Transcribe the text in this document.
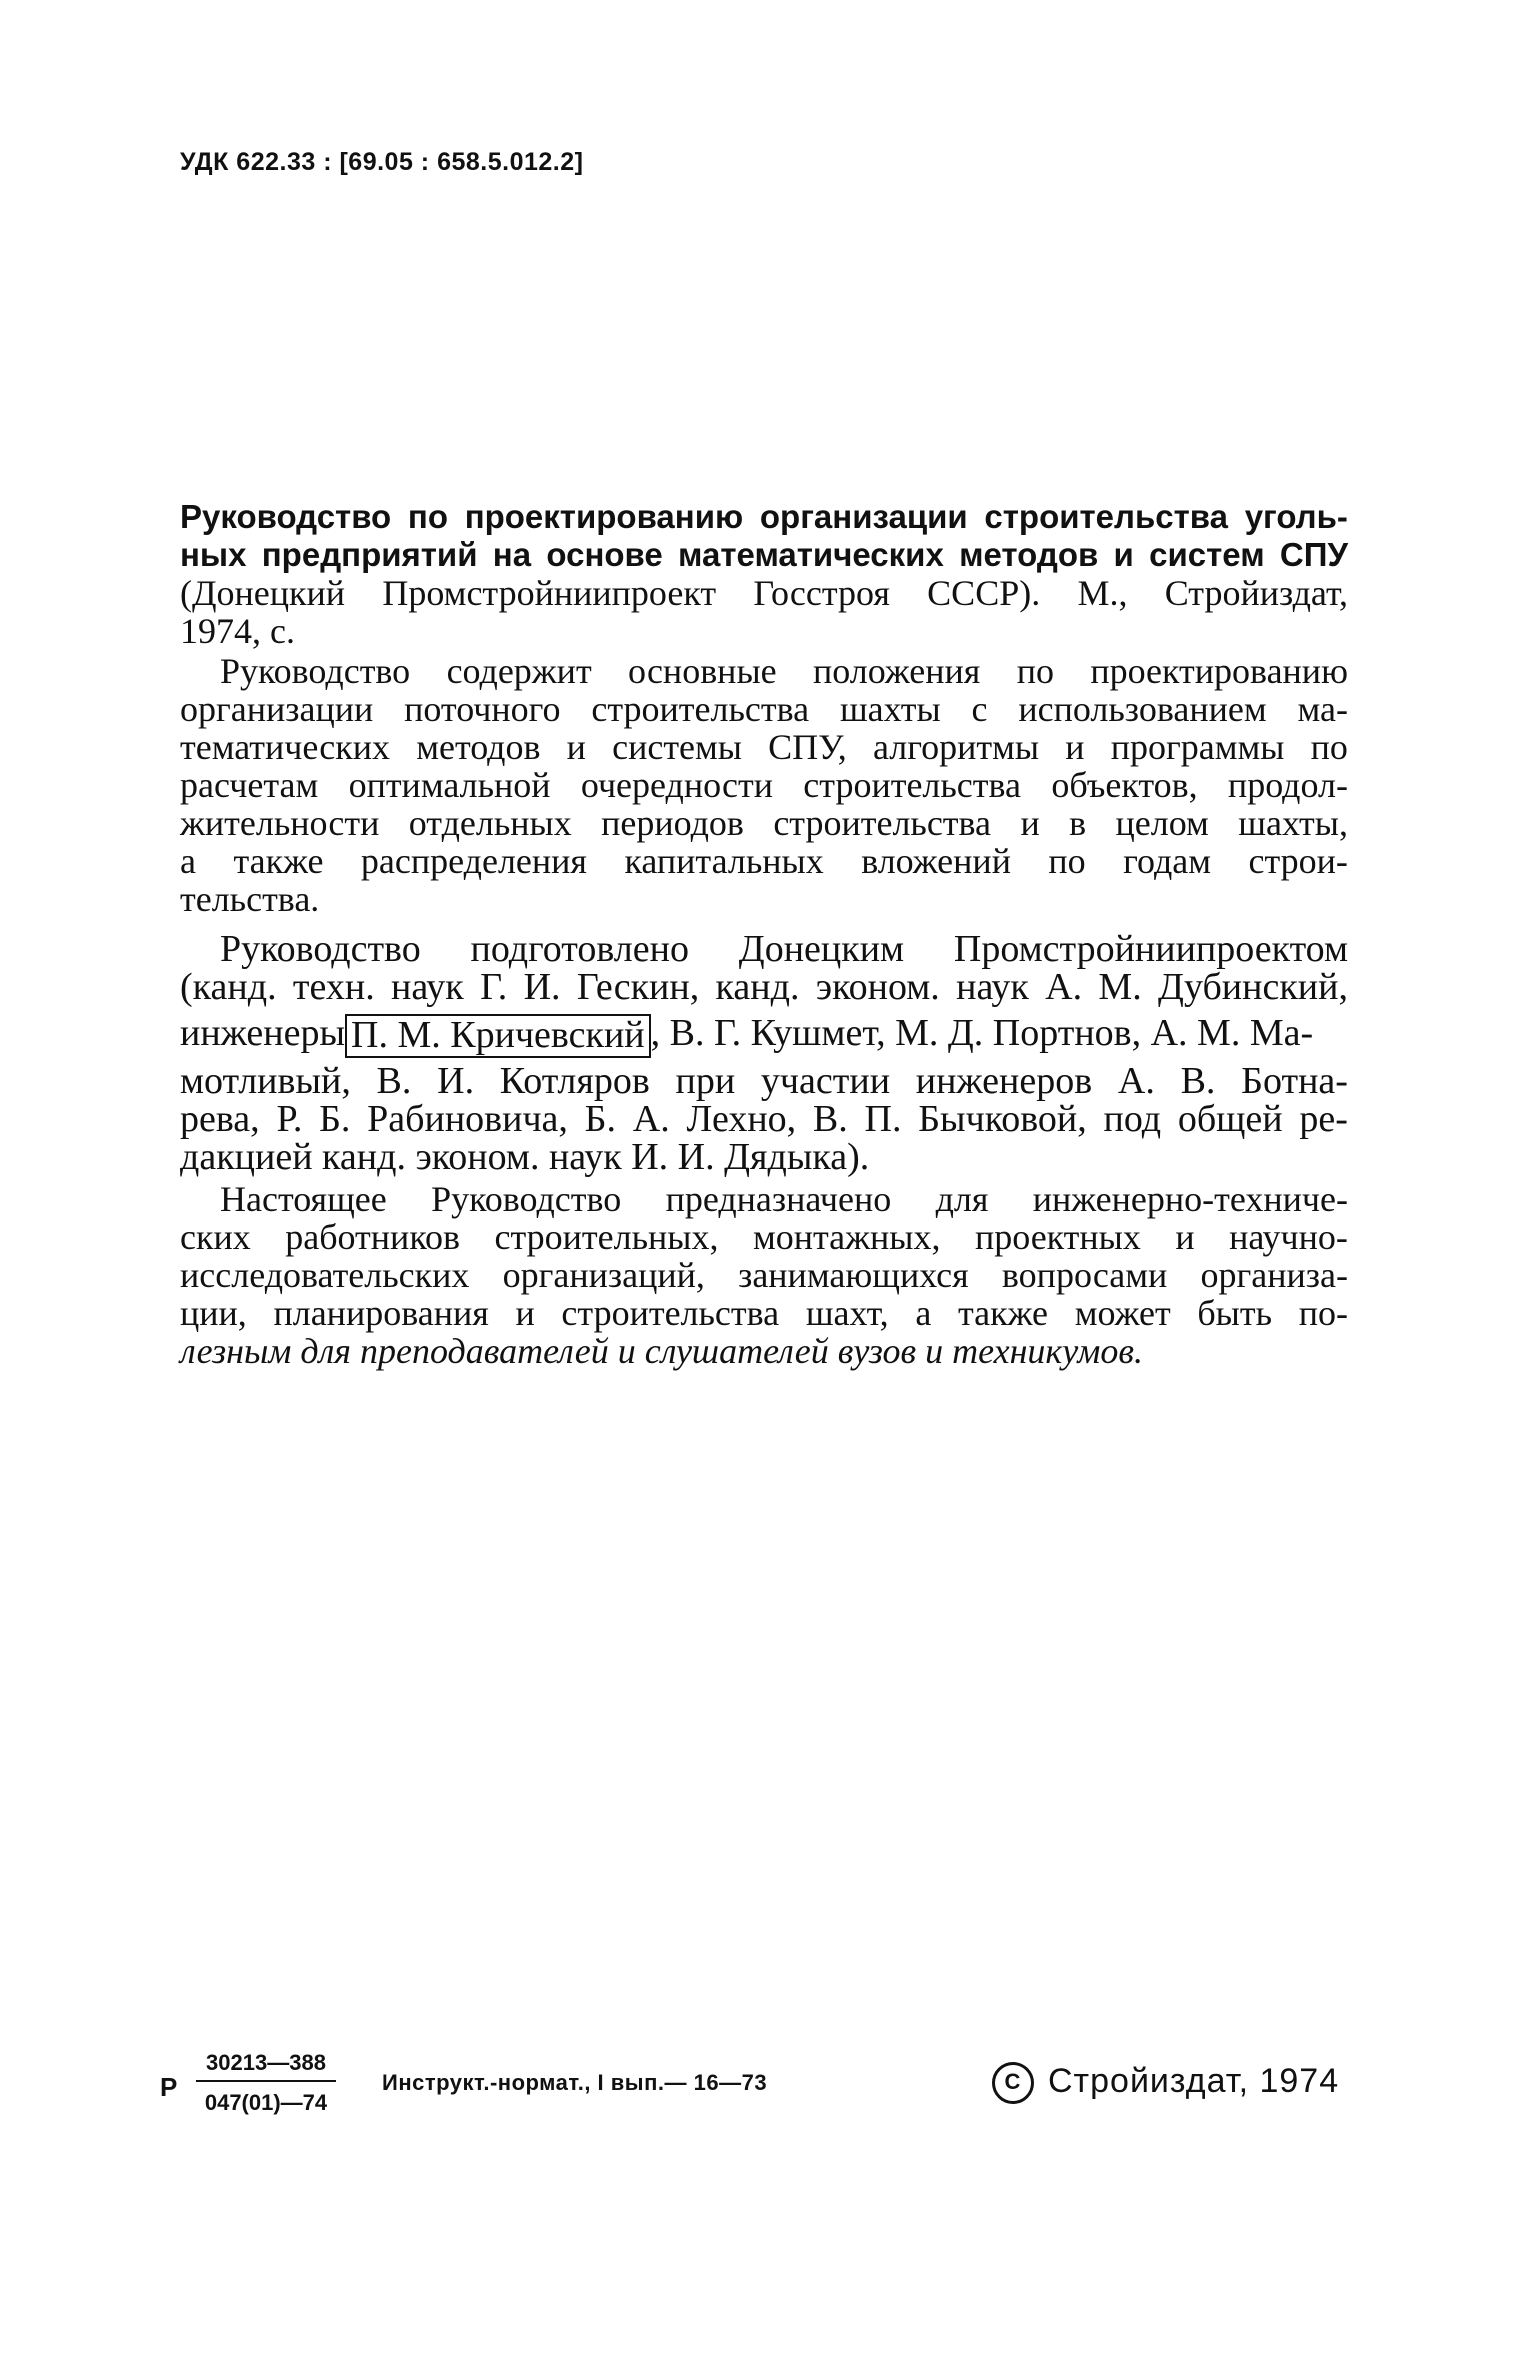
УДК 622.33 : [69.05 : 658.5.012.2]
Руководство по проектированию организации строительства уголь-
ных предприятий на основе математических методов и систем СПУ
(Донецкий Промстройниипроект Госстроя СССР). М., Стройиздат,
1974, с.
Руководство содержит основные положения по проектированию
организации поточного строительства шахты с использованием ма-
тематических методов и системы СПУ, алгоритмы и программы по
расчетам оптимальной очередности строительства объектов, продол-
жительности отдельных периодов строительства и в целом шахты,
а также распределения капитальных вложений по годам строи-
тельства.
Руководство подготовлено Донецким Промстройниипроектом
(канд. техн. наук Г. И. Гескин, канд. эконом. наук А. М. Дубинский,
инженеры П. М. Кричевский , В. Г. Кушмет, М. Д. Портнов, А. М. Ма-
мотливый, В. И. Котляров при участии инженеров А. В. Ботна-
рева, Р. Б. Рабиновича, Б. А. Лехно, В. П. Бычковой, под общей ре-
дакцией канд. эконом. наук И. И. Дядыка).
Настоящее Руководство предназначено для инженерно-техниче-
ских работников строительных, монтажных, проектных и научно-
исследовательских организаций, занимающихся вопросами организа-
ции, планирования и строительства шахт, а также может быть по-
лезным для преподавателей и слушателей вузов и техникумов.
Р $\frac{30213—388}{047(01)—74}$ Инструкт.-нормат., I вып.— 16—73	C Стройиздат, 1974
